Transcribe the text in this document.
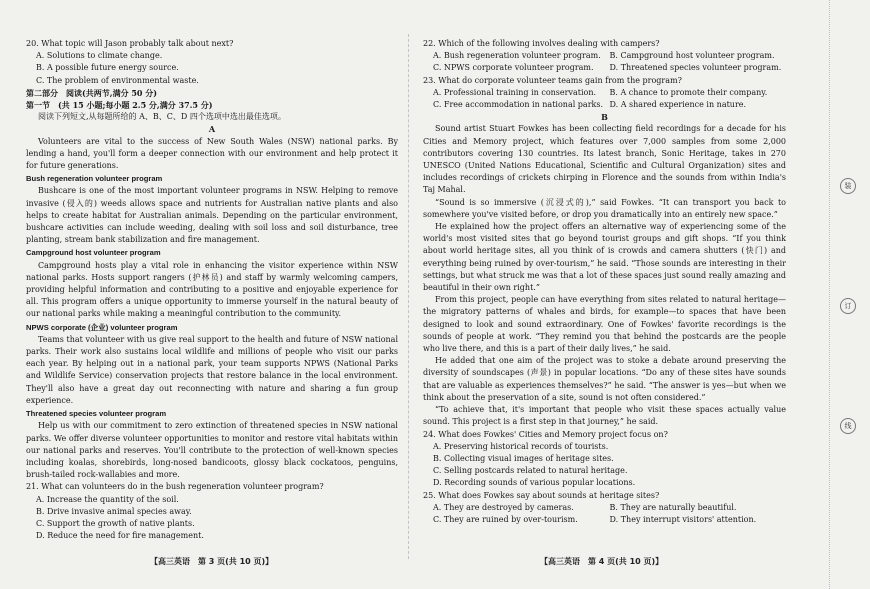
20. What topic will Jason probably talk about next?

A. Solutions to climate change.

B. A possible future energy source.

C. The problem of environmental waste.

第二部分　阅读(共两节,满分 50 分)

第一节　(共 15 小题;每小题 2.5 分,满分 37.5 分)

阅读下列短文,从每题所给的 A、B、C、D 四个选项中选出最佳选项。

A

Volunteers are vital to the success of New South Wales (NSW) national parks. By lending a hand, you'll form a deeper connection with our environment and help protect it for future generations.

Bush regeneration volunteer program

Bushcare is one of the most important volunteer programs in NSW. Helping to remove invasive (侵入的) weeds allows space and nutrients for Australian native plants and also helps to create habitat for Australian animals. Depending on the particular environment, bushcare activities can include weeding, dealing with soil loss and soil disturbance, tree planting, stream bank stabilization and fire management.

Campground host volunteer program

Campground hosts play a vital role in enhancing the visitor experience within NSW national parks. Hosts support rangers (护林员) and staff by warmly welcoming campers, providing helpful information and contributing to a positive and enjoyable experience for all. This program offers a unique opportunity to immerse yourself in the natural beauty of our national parks while making a meaningful contribution to the community.

NPWS corporate (企业) volunteer program

Teams that volunteer with us give real support to the health and future of NSW national parks. Their work also sustains local wildlife and millions of people who visit our parks each year. By helping out in a national park, your team supports NPWS (National Parks and Wildlife Service) conservation projects that restore balance in the local environment. They'll also have a great day out reconnecting with nature and sharing a fun group experience.

Threatened species volunteer program

Help us with our commitment to zero extinction of threatened species in NSW national parks. We offer diverse volunteer opportunities to monitor and restore vital habitats within our national parks and reserves. You'll contribute to the protection of well-known species including koalas, shorebirds, long-nosed bandicoots, glossy black cockatoos, penguins, brush-tailed rock-wallabies and more.

21. What can volunteers do in the bush regeneration volunteer program?

A. Increase the quantity of the soil.

B. Drive invasive animal species away.

C. Support the growth of native plants.

D. Reduce the need for fire management.

22. Which of the following involves dealing with campers?

A. Bush regeneration volunteer program.	B. Campground host volunteer program.
C. NPWS corporate volunteer program.	D. Threatened species volunteer program.

23. What do corporate volunteer teams gain from the program?

A. Professional training in conservation.	B. A chance to promote their company.
C. Free accommodation in national parks. D. A shared experience in nature.

B

Sound artist Stuart Fowkes has been collecting field recordings for a decade for his Cities and Memory project, which features over 7,000 samples from some 2,000 contributors covering 130 countries. Its latest branch, Sonic Heritage, takes in 270 UNESCO (United Nations Educational, Scientific and Cultural Organization) sites and includes recordings of crickets chirping in Florence and the sounds from within India's Taj Mahal.

“Sound is so immersive (沉浸式的),” said Fowkes. “It can transport you back to somewhere you've visited before, or drop you dramatically into an entirely new space.”

He explained how the project offers an alternative way of experiencing some of the world's most visited sites that go beyond tourist groups and gift shops. “If you think about world heritage sites, all you think of is crowds and camera shutters (快门) and everything being ruined by over-tourism,” he said. “Those sounds are interesting in their settings, but what struck me was that a lot of these spaces just sound really amazing and beautiful in their own right.”

From this project, people can have everything from sites related to natural heritage—the migratory patterns of whales and birds, for example—to spaces that have been designed to look and sound extraordinary. One of Fowkes' favorite recordings is the sounds of people at work. “They remind you that behind the postcards are the people who live there, and this is a part of their daily lives,” he said.

He added that one aim of the project was to stoke a debate around preserving the diversity of soundscapes (声景) in popular locations. “Do any of these sites have sounds that are valuable as experiences themselves?” he said. “The answer is yes—but when we think about the preservation of a site, sound is not often considered.”

“To achieve that, it's important that people who visit these spaces actually value sound. This project is a first step in that journey,” he said.

24. What does Fowkes' Cities and Memory project focus on?

A. Preserving historical records of tourists.

B. Collecting visual images of heritage sites.

C. Selling postcards related to natural heritage.

D. Recording sounds of various popular locations.

25. What does Fowkes say about sounds at heritage sites?

A. They are destroyed by cameras.	B. They are naturally beautiful.
C. They are ruined by over-tourism.	D. They interrupt visitors' attention.
【高三英语　第 3 页(共 10 页)】	【高三英语　第 4 页(共 10 页)】
装
订
线
